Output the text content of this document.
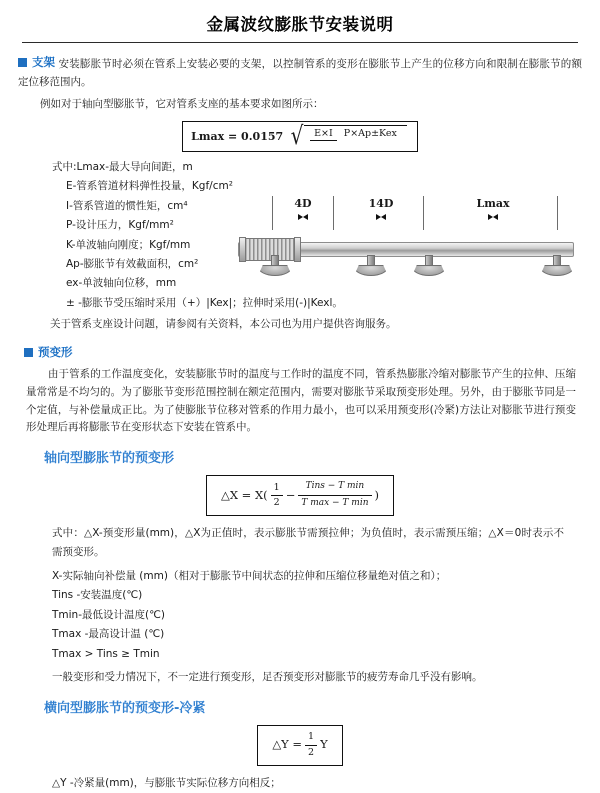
金属波纹膨胀节安装说明

支架 安装膨胀节时必须在管系上安装必要的支架，以控制管系的变形在膨胀节上产生的位移方向和限制在膨胀节的额定位移范围内。

例如对于轴向型膨胀节，它对管系支座的基本要求如图所示：

Lmax = 0.0157 √	E×I P×Ap±Kex
4D	14D	Lmax
式中:Lmax-最大导向间距，m
E-管系管道材料弹性投量，Kgf/cm²
I-管系管道的惯性矩，cm⁴
P-设计压力，Kgf/mm²
K-单波轴向刚度；Kgf/mm
Ap-膨胀节有效截面积，cm²
ex-单波轴向位移，mm
± -膨胀节受压缩时采用（+）|Kex|；拉伸时采用(-)|Kexl。

关于管系支座设计问题，请参阅有关资料，本公司也为用户提供咨询服务。

预变形

由于管系的工作温度变化，安装膨胀节时的温度与工作时的温度不同，管系热膨胀冷缩对膨胀节产生的拉伸、压缩量常常是不均匀的。为了膨胀节变形范围控制在额定范围内，需要对膨胀节采取预变形处理。另外，由于膨胀节同是一个定值，与补偿量成正比。为了使膨胀节位移对管系的作用力最小，也可以采用预变形(冷紧)方法让对膨胀节进行预变形处理后再将膨胀节在变形状态下安装在管系中。

轴向型膨胀节的预变形
△X = $X( \frac{1}{2}$ −
Tins − T min
T max − T min
)

式中：△X-预变形量(mm)，△X为正值时，表示膨胀节需预拉伸；为负值时，表示需预压缩；△X＝0时表示不需预变形。

X-实际轴向补偿量 (mm)（相对于膨胀节中间状态的拉伸和压缩位移量绝对值之和）；
Tins -安装温度(℃)
Tmin-最低设计温度(℃)
Tmax -最高设计温 (℃)
Tmax > Tins ≥ Tmin

一般变形和受力情况下，不一定进行预变形，足否预变形对膨胀节的疲劳寿命几乎没有影响。

横向型膨胀节的预变形-冷紧
△Y = $\frac{1}{2}$ Y

△Y -冷紧量(mm)，与膨胀节实际位移方向相反；
